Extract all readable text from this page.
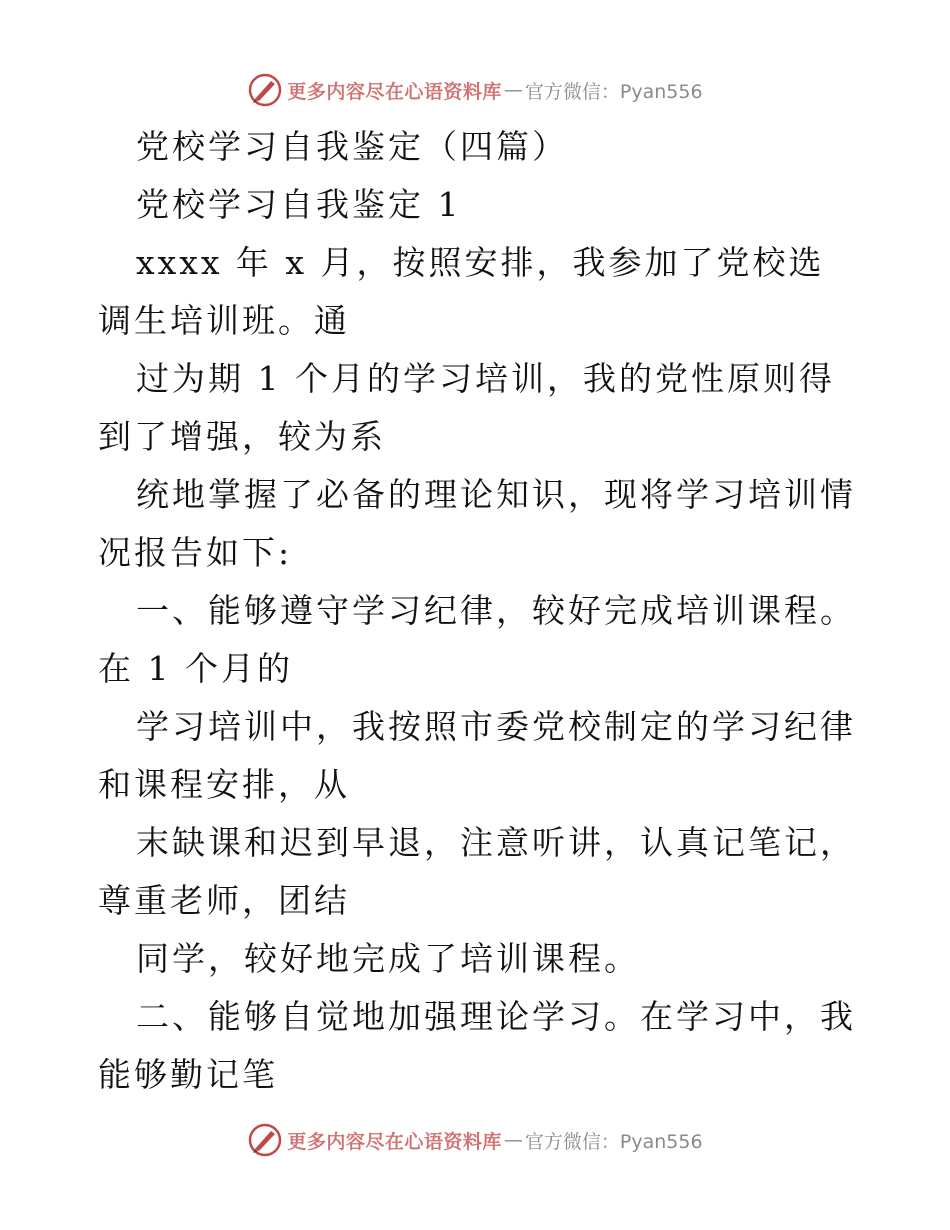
更多内容尽在心语资料库 — 官方微信：Pyan556

党校学习自我鉴定（四篇）

党校学习自我鉴定 1

xxxx 年 x 月，按照安排，我参加了党校选调生培训班。通

过为期 1 个月的学习培训，我的党性原则得到了增强，较为系

统地掌握了必备的理论知识，现将学习培训情况报告如下:

一、能够遵守学习纪律，较好完成培训课程。在 1 个月的

学习培训中，我按照市委党校制定的学习纪律和课程安排，从

末缺课和迟到早退，注意听讲，认真记笔记，尊重老师，团结

同学，较好地完成了培训课程。

二、能够自觉地加强理论学习。在学习中，我能够勤记笔

更多内容尽在心语资料库 — 官方微信：Pyan556
